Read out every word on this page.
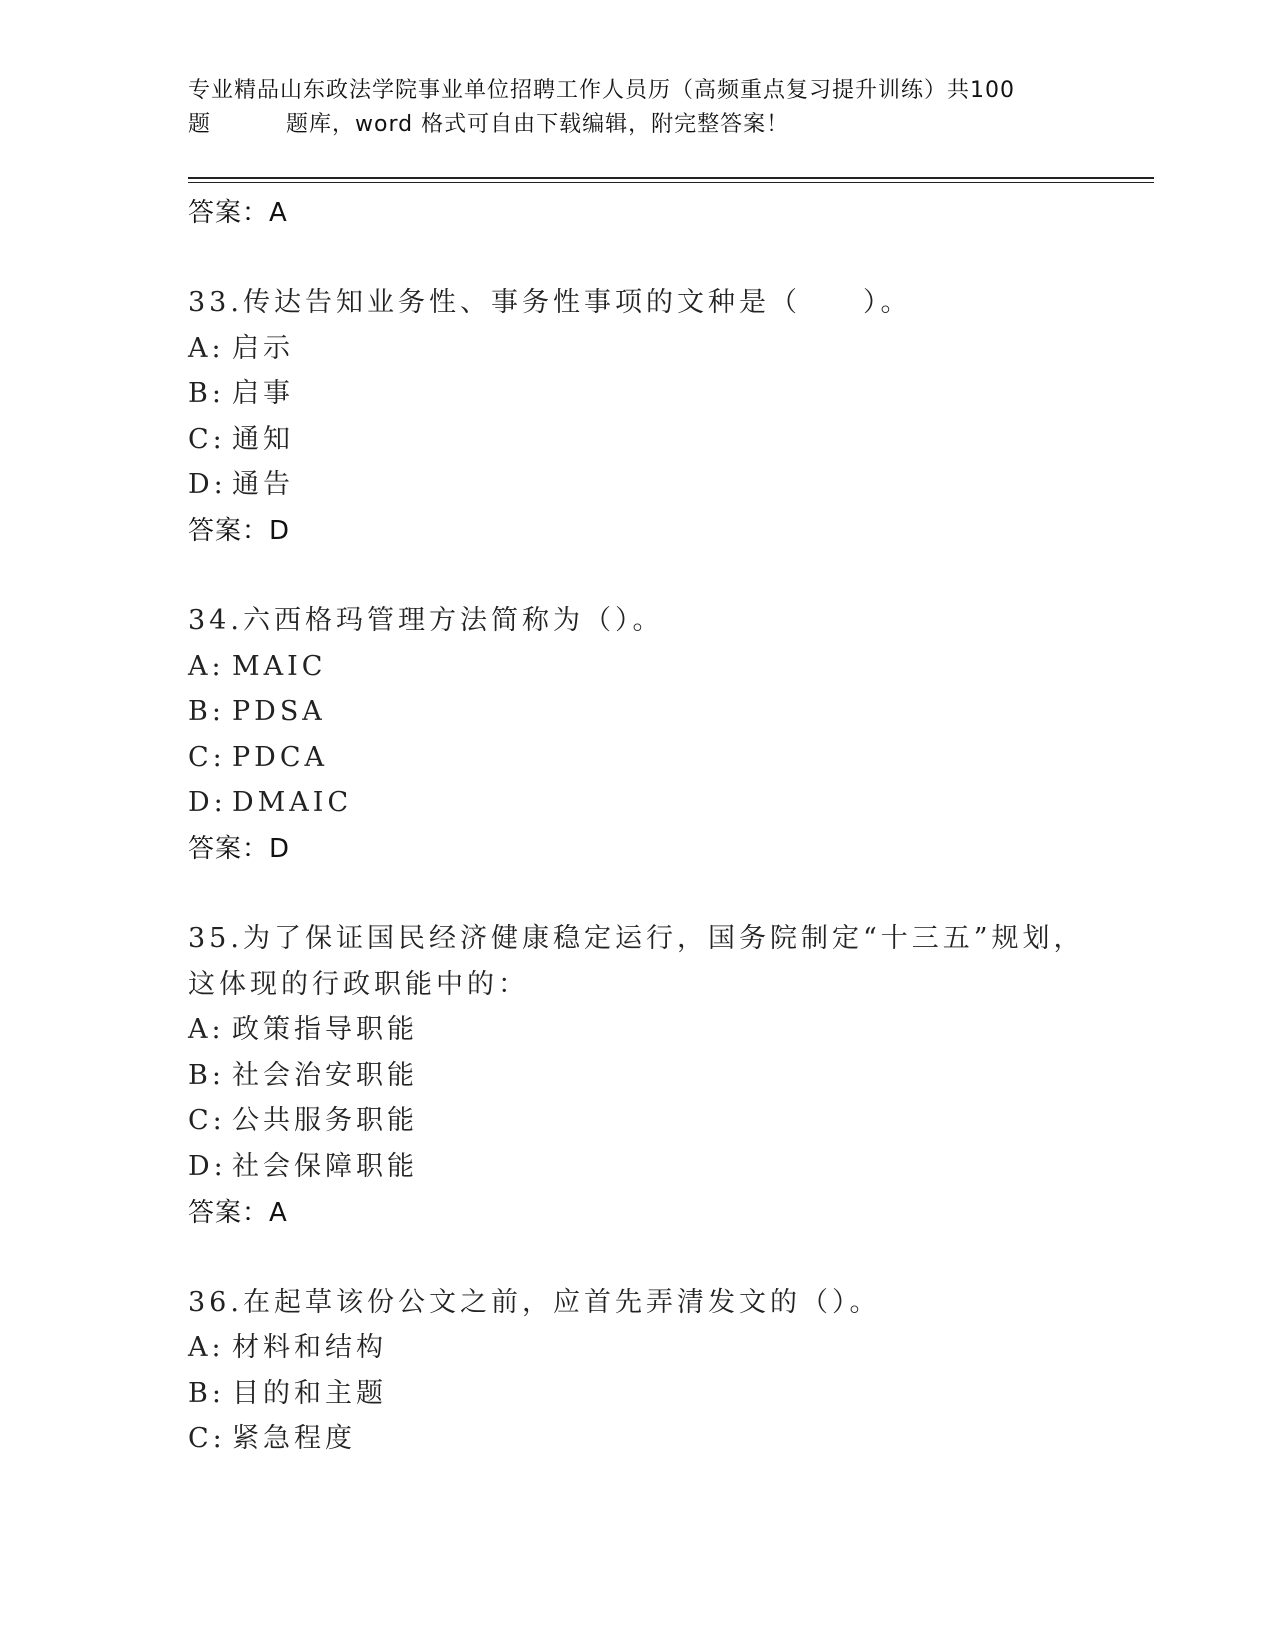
专业精品山东政法学院事业单位招聘工作人员历（高频重点复习提升训练）共100
题	题库，word 格式可自由下载编辑，附完整答案！
答案：A
33.传达告知业务性、事务性事项的文种是（　　）。
A: 启示
B: 启事
C: 通知
D: 通告
答案：D
34.六西格玛管理方法简称为（）。
A: MAIC
B: PDSA
C: PDCA
D: DMAIC
答案：D
35.为了保证国民经济健康稳定运行，国务院制定“十三五”规划，这体现的行政职能中的：
A: 政策指导职能
B: 社会治安职能
C: 公共服务职能
D: 社会保障职能
答案：A
36.在起草该份公文之前，应首先弄清发文的（）。
A: 材料和结构
B: 目的和主题
C: 紧急程度
